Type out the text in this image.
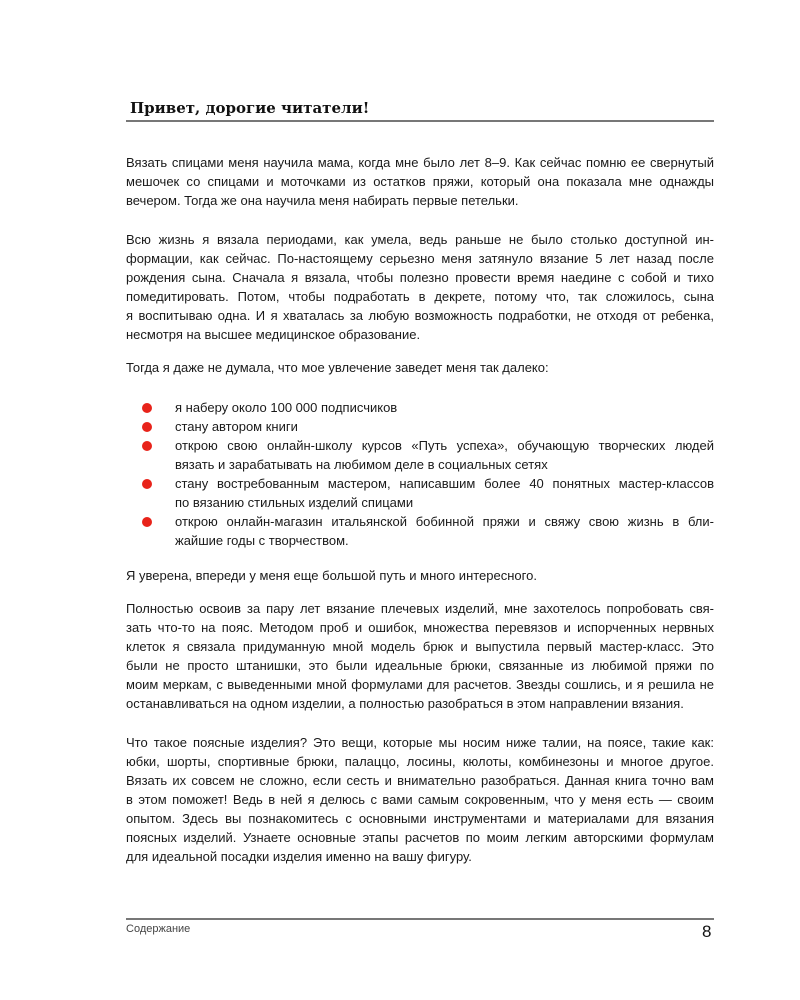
Привет, дорогие читатели!
Вязать спицами меня научила мама, когда мне было лет 8–9. Как сейчас помню ее свернутый
мешочек со спицами и моточками из остатков пряжи, который она показала мне однажды
вечером. Тогда же она научила меня набирать первые петельки.
Всю жизнь я вязала периодами, как умела, ведь раньше не было столько доступной ин-
формации, как сейчас. По-настоящему серьезно меня затянуло вязание 5 лет назад после
рождения сына. Сначала я вязала, чтобы полезно провести время наедине с собой и тихо
помедитировать. Потом, чтобы подработать в декрете, потому что, так сложилось, сына
я воспитываю одна. И я хваталась за любую возможность подработки, не отходя от ребенка,
несмотря на высшее медицинское образование.
Тогда я даже не думала, что мое увлечение заведет меня так далеко:
я наберу около 100 000 подписчиков
стану автором книги
открою свою онлайн-школу курсов «Путь успеха», обучающую творческих людей
вязать и зарабатывать на любимом деле в социальных сетях
стану востребованным мастером, написавшим более 40 понятных мастер-классов
по вязанию стильных изделий спицами
открою онлайн-магазин итальянской бобинной пряжи и свяжу свою жизнь в бли-
жайшие годы с творчеством.
Я уверена, впереди у меня еще большой путь и много интересного.
Полностью освоив за пару лет вязание плечевых изделий, мне захотелось попробовать свя-
зать что-то на пояс. Методом проб и ошибок, множества перевязов и испорченных нервных
клеток я связала придуманную мной модель брюк и выпустила первый мастер-класс. Это
были не просто штанишки, это были идеальные брюки, связанные из любимой пряжи по
моим меркам, с выведенными мной формулами для расчетов. Звезды сошлись, и я решила не
останавливаться на одном изделии, а полностью разобраться в этом направлении вязания.
Что такое поясные изделия? Это вещи, которые мы носим ниже талии, на поясе, такие как:
юбки, шорты, спортивные брюки, палаццо, лосины, кюлоты, комбинезоны и многое другое.
Вязать их совсем не сложно, если сесть и внимательно разобраться. Данная книга точно вам
в этом поможет! Ведь в ней я делюсь с вами самым сокровенным, что у меня есть — своим
опытом. Здесь вы познакомитесь с основными инструментами и материалами для вязания
поясных изделий. Узнаете основные этапы расчетов по моим легким авторскими формулам
для идеальной посадки изделия именно на вашу фигуру.
Содержание	8
